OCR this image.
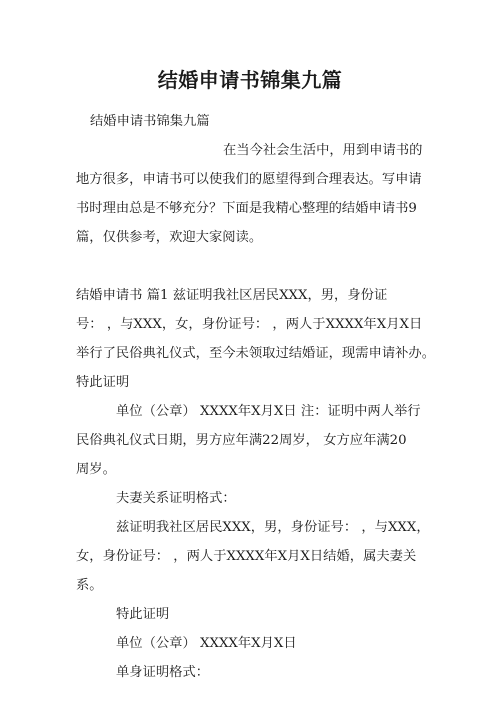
结婚申请书锦集九篇

结婚申请书锦集九篇

在当今社会生活中，用到申请书的

地方很多，申请书可以使我们的愿望得到合理表达。写申请

书时理由总是不够充分？下面是我精心整理的结婚申请书9

篇，仅供参考，欢迎大家阅读。

结婚申请书 篇1 兹证明我社区居民XXX，男，身份证

号： ，与XXX，女，身份证号： ，两人于XXXX年X月X日

举行了民俗典礼仪式，至今未领取过结婚证，现需申请补办。

特此证明

单位（公章） XXXX年X月X日 注：证明中两人举行

民俗典礼仪式日期，男方应年满22周岁， 女方应年满20

周岁。

夫妻关系证明格式：

兹证明我社区居民XXX，男，身份证号： ，与XXX，

女，身份证号： ，两人于XXXX年X月X日结婚，属夫妻关

系。

特此证明

单位（公章） XXXX年X月X日

单身证明格式：
